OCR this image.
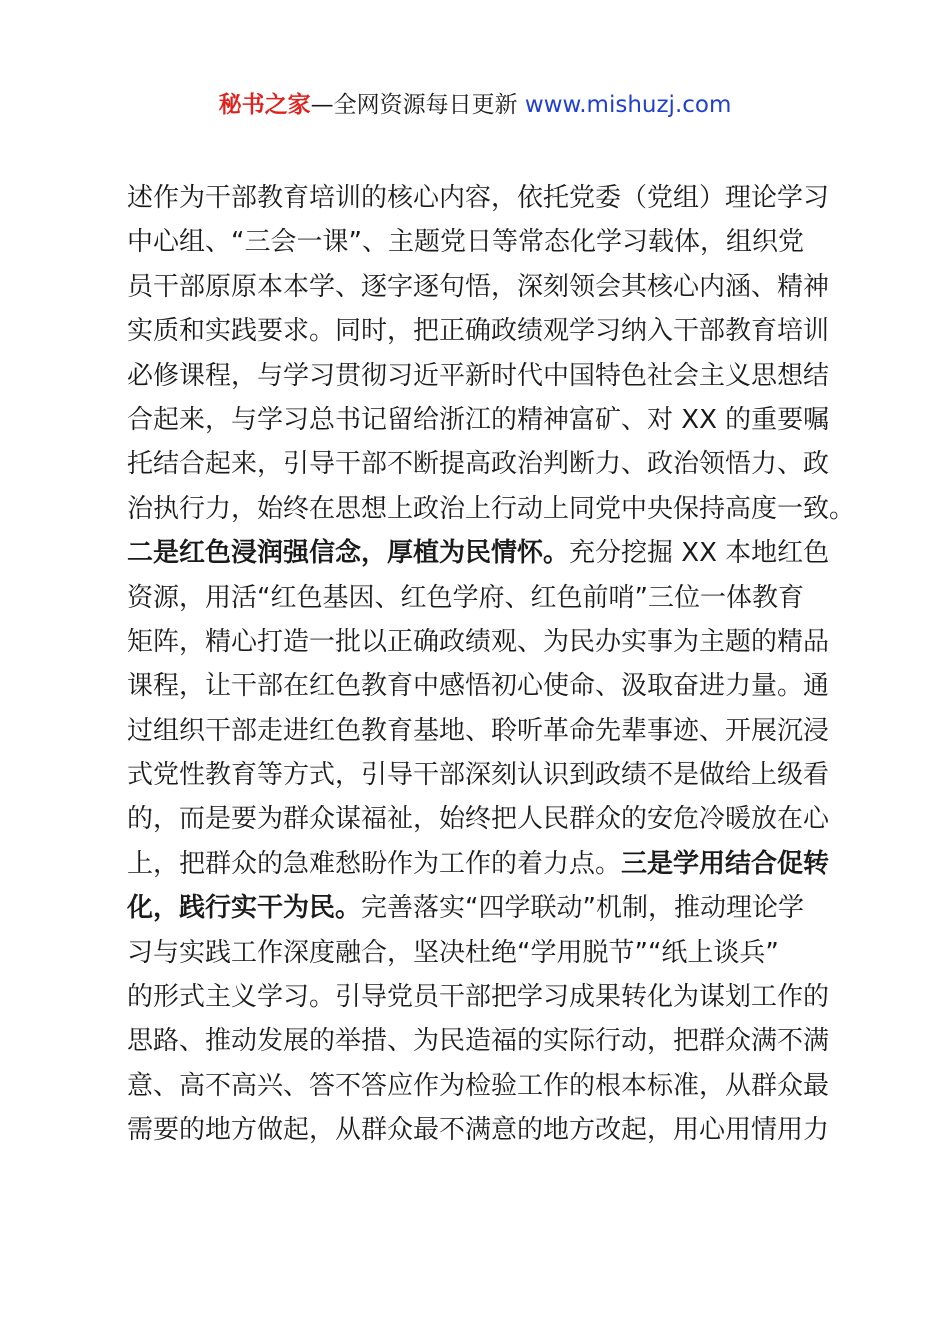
秘书之家—全网资源每日更新 www.mishuzj.com
述作为干部教育培训的核心内容，依托党委（党组）理论学习
中心组、“三会一课”、主题党日等常态化学习载体，组织党
员干部原原本本学、逐字逐句悟，深刻领会其核心内涵、精神
实质和实践要求。同时，把正确政绩观学习纳入干部教育培训
必修课程，与学习贯彻习近平新时代中国特色社会主义思想结
合起来，与学习总书记留给浙江的精神富矿、对 XX 的重要嘱
托结合起来，引导干部不断提高政治判断力、政治领悟力、政
治执行力，始终在思想上政治上行动上同党中央保持高度一致。
二是红色浸润强信念，厚植为民情怀。充分挖掘 XX 本地红色
资源，用活“红色基因、红色学府、红色前哨”三位一体教育
矩阵，精心打造一批以正确政绩观、为民办实事为主题的精品
课程，让干部在红色教育中感悟初心使命、汲取奋进力量。通
过组织干部走进红色教育基地、聆听革命先辈事迹、开展沉浸
式党性教育等方式，引导干部深刻认识到政绩不是做给上级看
的，而是要为群众谋福祉，始终把人民群众的安危冷暖放在心
上，把群众的急难愁盼作为工作的着力点。三是学用结合促转
化，践行实干为民。完善落实“四学联动”机制，推动理论学
习与实践工作深度融合，坚决杜绝“学用脱节”“纸上谈兵”
的形式主义学习。引导党员干部把学习成果转化为谋划工作的
思路、推动发展的举措、为民造福的实际行动，把群众满不满
意、高不高兴、答不答应作为检验工作的根本标准，从群众最
需要的地方做起，从群众最不满意的地方改起，用心用情用力
